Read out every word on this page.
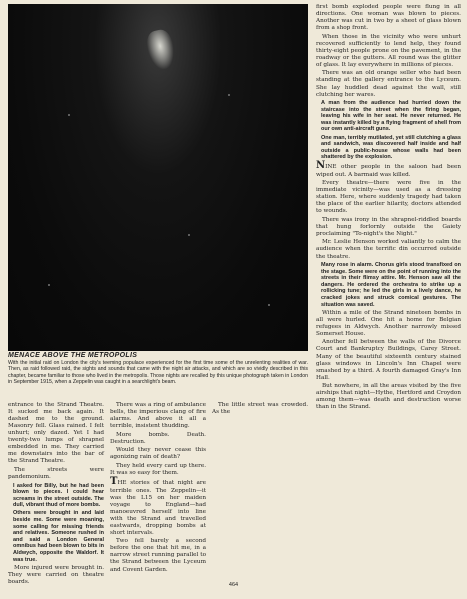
MENACE ABOVE THE METROPOLIS
With the initial raid on London the city's teeming populace experienced for the first time some of the unrelenting realities of war. Then, as raid followed raid, the sights and sounds that came with the night air attacks, and which are so vividly described in this chapter, became familiar to those who lived in the metropolis. Those nights are recalled by this unique photograph taken in London in September 1915, when a Zeppelin was caught in a searchlight's beam.

first bomb exploded people were flung in all directions. One woman was blown to pieces. Another was cut in two by a sheet of glass blown from a shop front.

When those in the vicinity who were unhurt recovered sufficiently to lend help, they found thirty-eight people prone on the pavement, in the roadway or the gutters. All round was the glitter of glass. It lay everywhere in millions of pieces.

There was an old orange seller who had been standing at the gallery entrance to the Lyceum. She lay huddled dead against the wall, still clutching her wares.

A man from the audience had hurried down the staircase into the street when the firing began, leaving his wife in her seat. He never returned. He was instantly killed by a flying fragment of shell from our own anti-aircraft guns.

One man, terribly mutilated, yet still clutching a glass and sandwich, was discovered half inside and half outside a public-house whose walls had been shattered by the explosion.

NINE other people in the saloon had been wiped out. A barmaid was killed.

Every theatre—there were five in the immediate vicinity—was used as a dressing station. Here, where suddenly tragedy had taken the place of the earlier hilarity, doctors attended to wounds.

There was irony in the shrapnel-riddled boards that hung forlornly outside the Gaiety proclaiming "To-night's the Night."

Mr. Leslie Henson worked valiantly to calm the audience when the terrific din occurred outside the theatre.

Many rose in alarm. Chorus girls stood transfixed on the stage. Some were on the point of running into the streets in their flimsy attire. Mr. Henson saw all the dangers. He ordered the orchestra to strike up a rollicking tune; he led the girls in a lively dance, he cracked jokes and struck comical gestures. The situation was saved.

Within a mile of the Strand nineteen bombs in all were hurled. One hit a home for Belgian refugees in Aldwych. Another narrowly missed Somerset House.

Another fell between the walls of the Divorce Court and Bankruptcy Buildings, Carey Street. Many of the beautiful sixteenth century stained glass windows in Lincoln's Inn Chapel were smashed by a third. A fourth damaged Gray's Inn Hall.

But nowhere, in all the areas visited by the five airships that night—Hythe, Hertford and Croydon among them—was death and destruction worse than in the Strand.

entrance to the Strand Theatre. It sucked me back again. It dashed me to the ground. Masonry fell. Glass rained. I felt unhurt; only dazed. Yet I had twenty-two lumps of shrapnel embedded in me. They carried me downstairs into the bar of the Strand Theatre.

The streets were pandemonium.

I asked for Billy, but he had been blown to pieces. I could hear screams in the street outside. The dull, vibrant thud of more bombs.

Others were brought in and laid beside me. Some were moaning, some calling for missing friends and relatives. Someone rushed in and said a London General omnibus had been blown to bits in Aldwych, opposite the Waldorf. It was true.

More injured were brought in. They were carried on theatre boards.

There was a ring of ambulance bells, the imperious clang of fire alarms. And above it all a terrible, insistent thudding.

More bombs. Death. Destruction.

Would they never cease this agonizing rain of death?

They held every card up there. It was so easy for them.

THE stories of that night are terrible ones. The Zeppelin—it was the L15 on her maiden voyage to England—had manoeuvred herself into line with the Strand and travelled eastwards, dropping bombs at short intervals.

Two fell barely a second before the one that hit me, in a narrow street running parallel to the Strand between the Lyceum and Covent Garden.

The little street was crowded. As the

464
